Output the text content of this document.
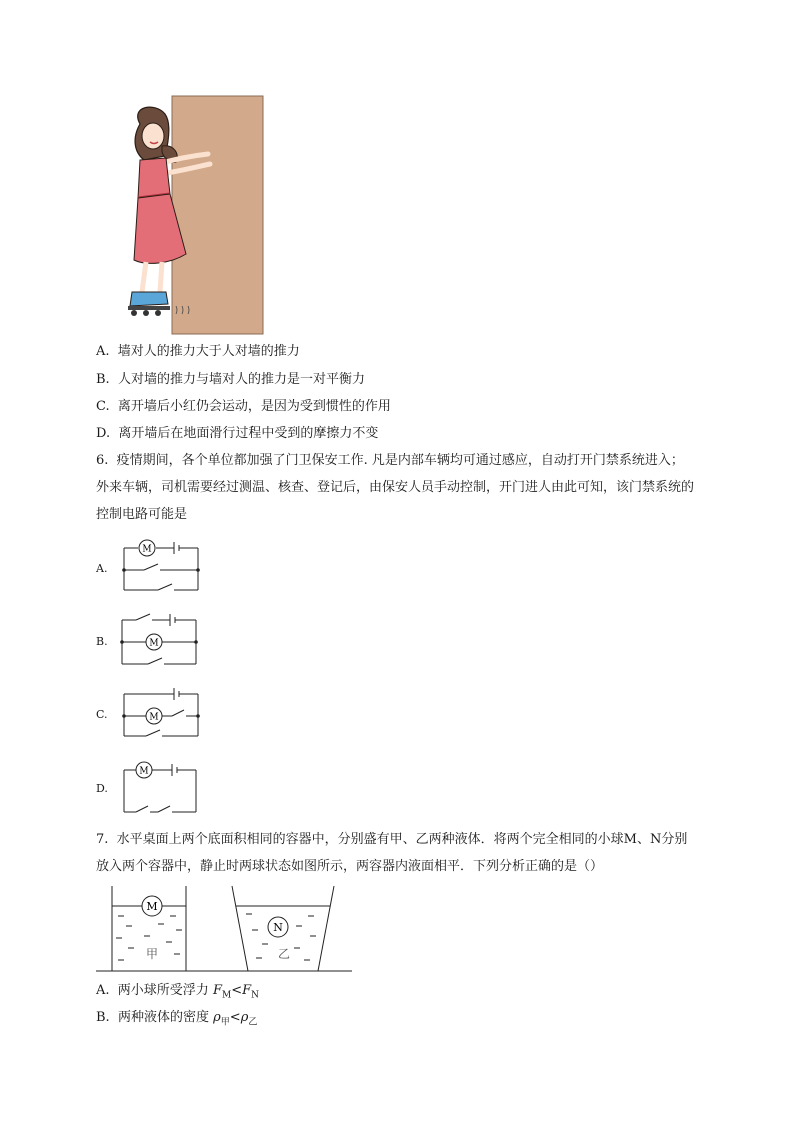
A. 墙对人的推力大于人对墙的推力
B. 人对墙的推力与墙对人的推力是一对平衡力
C. 离开墙后小红仍会运动，是因为受到惯性的作用
D. 离开墙后在地面滑行过程中受到的摩擦力不变
6. 疫情期间，各个单位都加强了门卫保安工作. 凡是内部车辆均可通过感应，自动打开门禁系统进入；外来车辆，司机需要经过测温、核查、登记后，由保安人员手动控制，开门进人由此可知，该门禁系统的控制电路可能是
A.
M
B.	M
C.	M
D.
M
7. 水平桌面上两个底面积相同的容器中，分别盛有甲、乙两种液体．将两个完全相同的小球M、N分别放入两个容器中，静止时两球状态如图所示，两容器内液面相平．下列分析正确的是（）
M
N
甲	乙
A. 两小球所受浮力 $F_M<F_N$
B. 两种液体的密度 $\rho_甲<\rho_乙$
